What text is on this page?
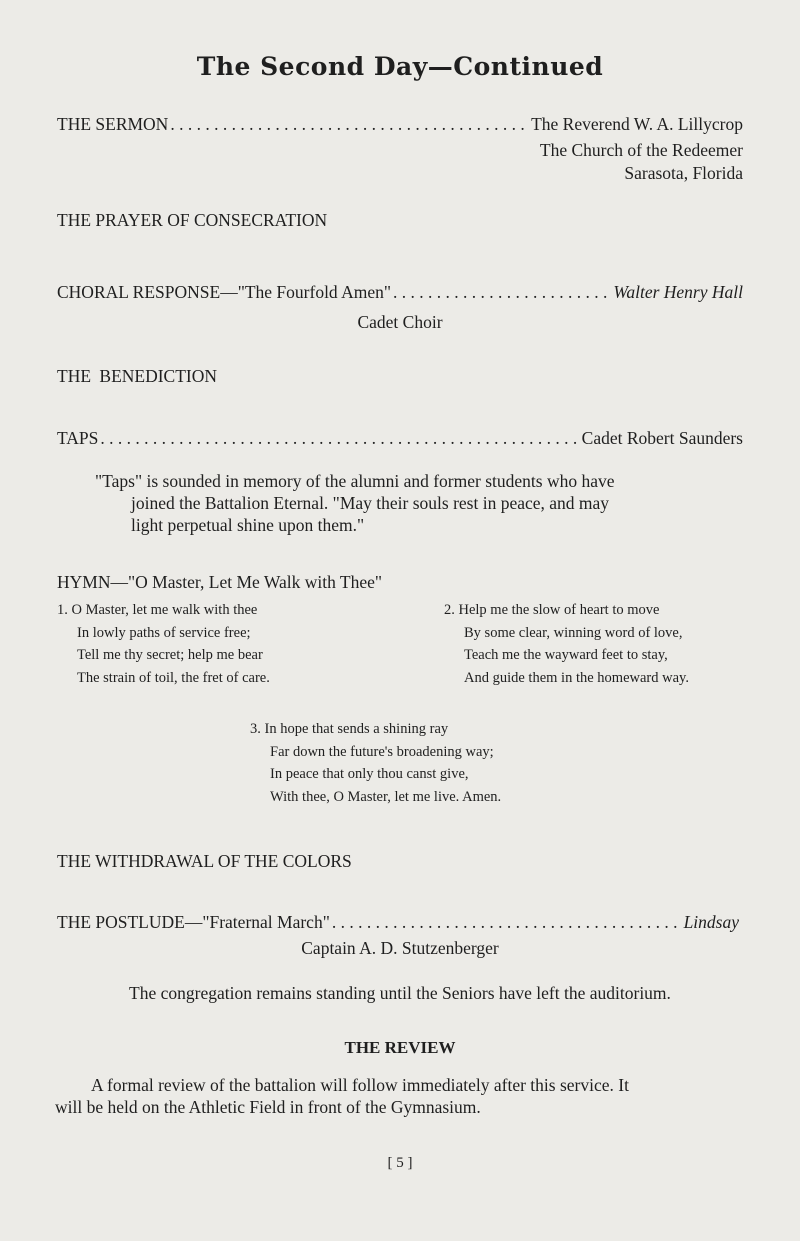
The Second Day—Continued
THE SERMON . . .	The Reverend W. A. Lillycrop
The Church of the Redeemer
Sarasota, Florida
THE PRAYER OF CONSECRATION
CHORAL RESPONSE—"The Fourfold Amen" . . .	Walter Henry Hall
Cadet Choir
THE BENEDICTION
TAPS . . .	Cadet Robert Saunders
"Taps" is sounded in memory of the alumni and former students who have
joined the Battalion Eternal. "May their souls rest in peace, and may
light perpetual shine upon them."
HYMN—"O Master, Let Me Walk with Thee"
1. O Master, let me walk with thee
In lowly paths of service free;
Tell me thy secret; help me bear
The strain of toil, the fret of care.
2. Help me the slow of heart to move
By some clear, winning word of love,
Teach me the wayward feet to stay,
And guide them in the homeward way.
3. In hope that sends a shining ray
Far down the future's broadening way;
In peace that only thou canst give,
With thee, O Master, let me live. Amen.
THE WITHDRAWAL OF THE COLORS
THE POSTLUDE—"Fraternal March" . . .	Lindsay
Captain A. D. Stutzenberger
The congregation remains standing until the Seniors have left the auditorium.
THE REVIEW
A formal review of the battalion will follow immediately after this service. It
will be held on the Athletic Field in front of the Gymnasium.
[ 5 ]
